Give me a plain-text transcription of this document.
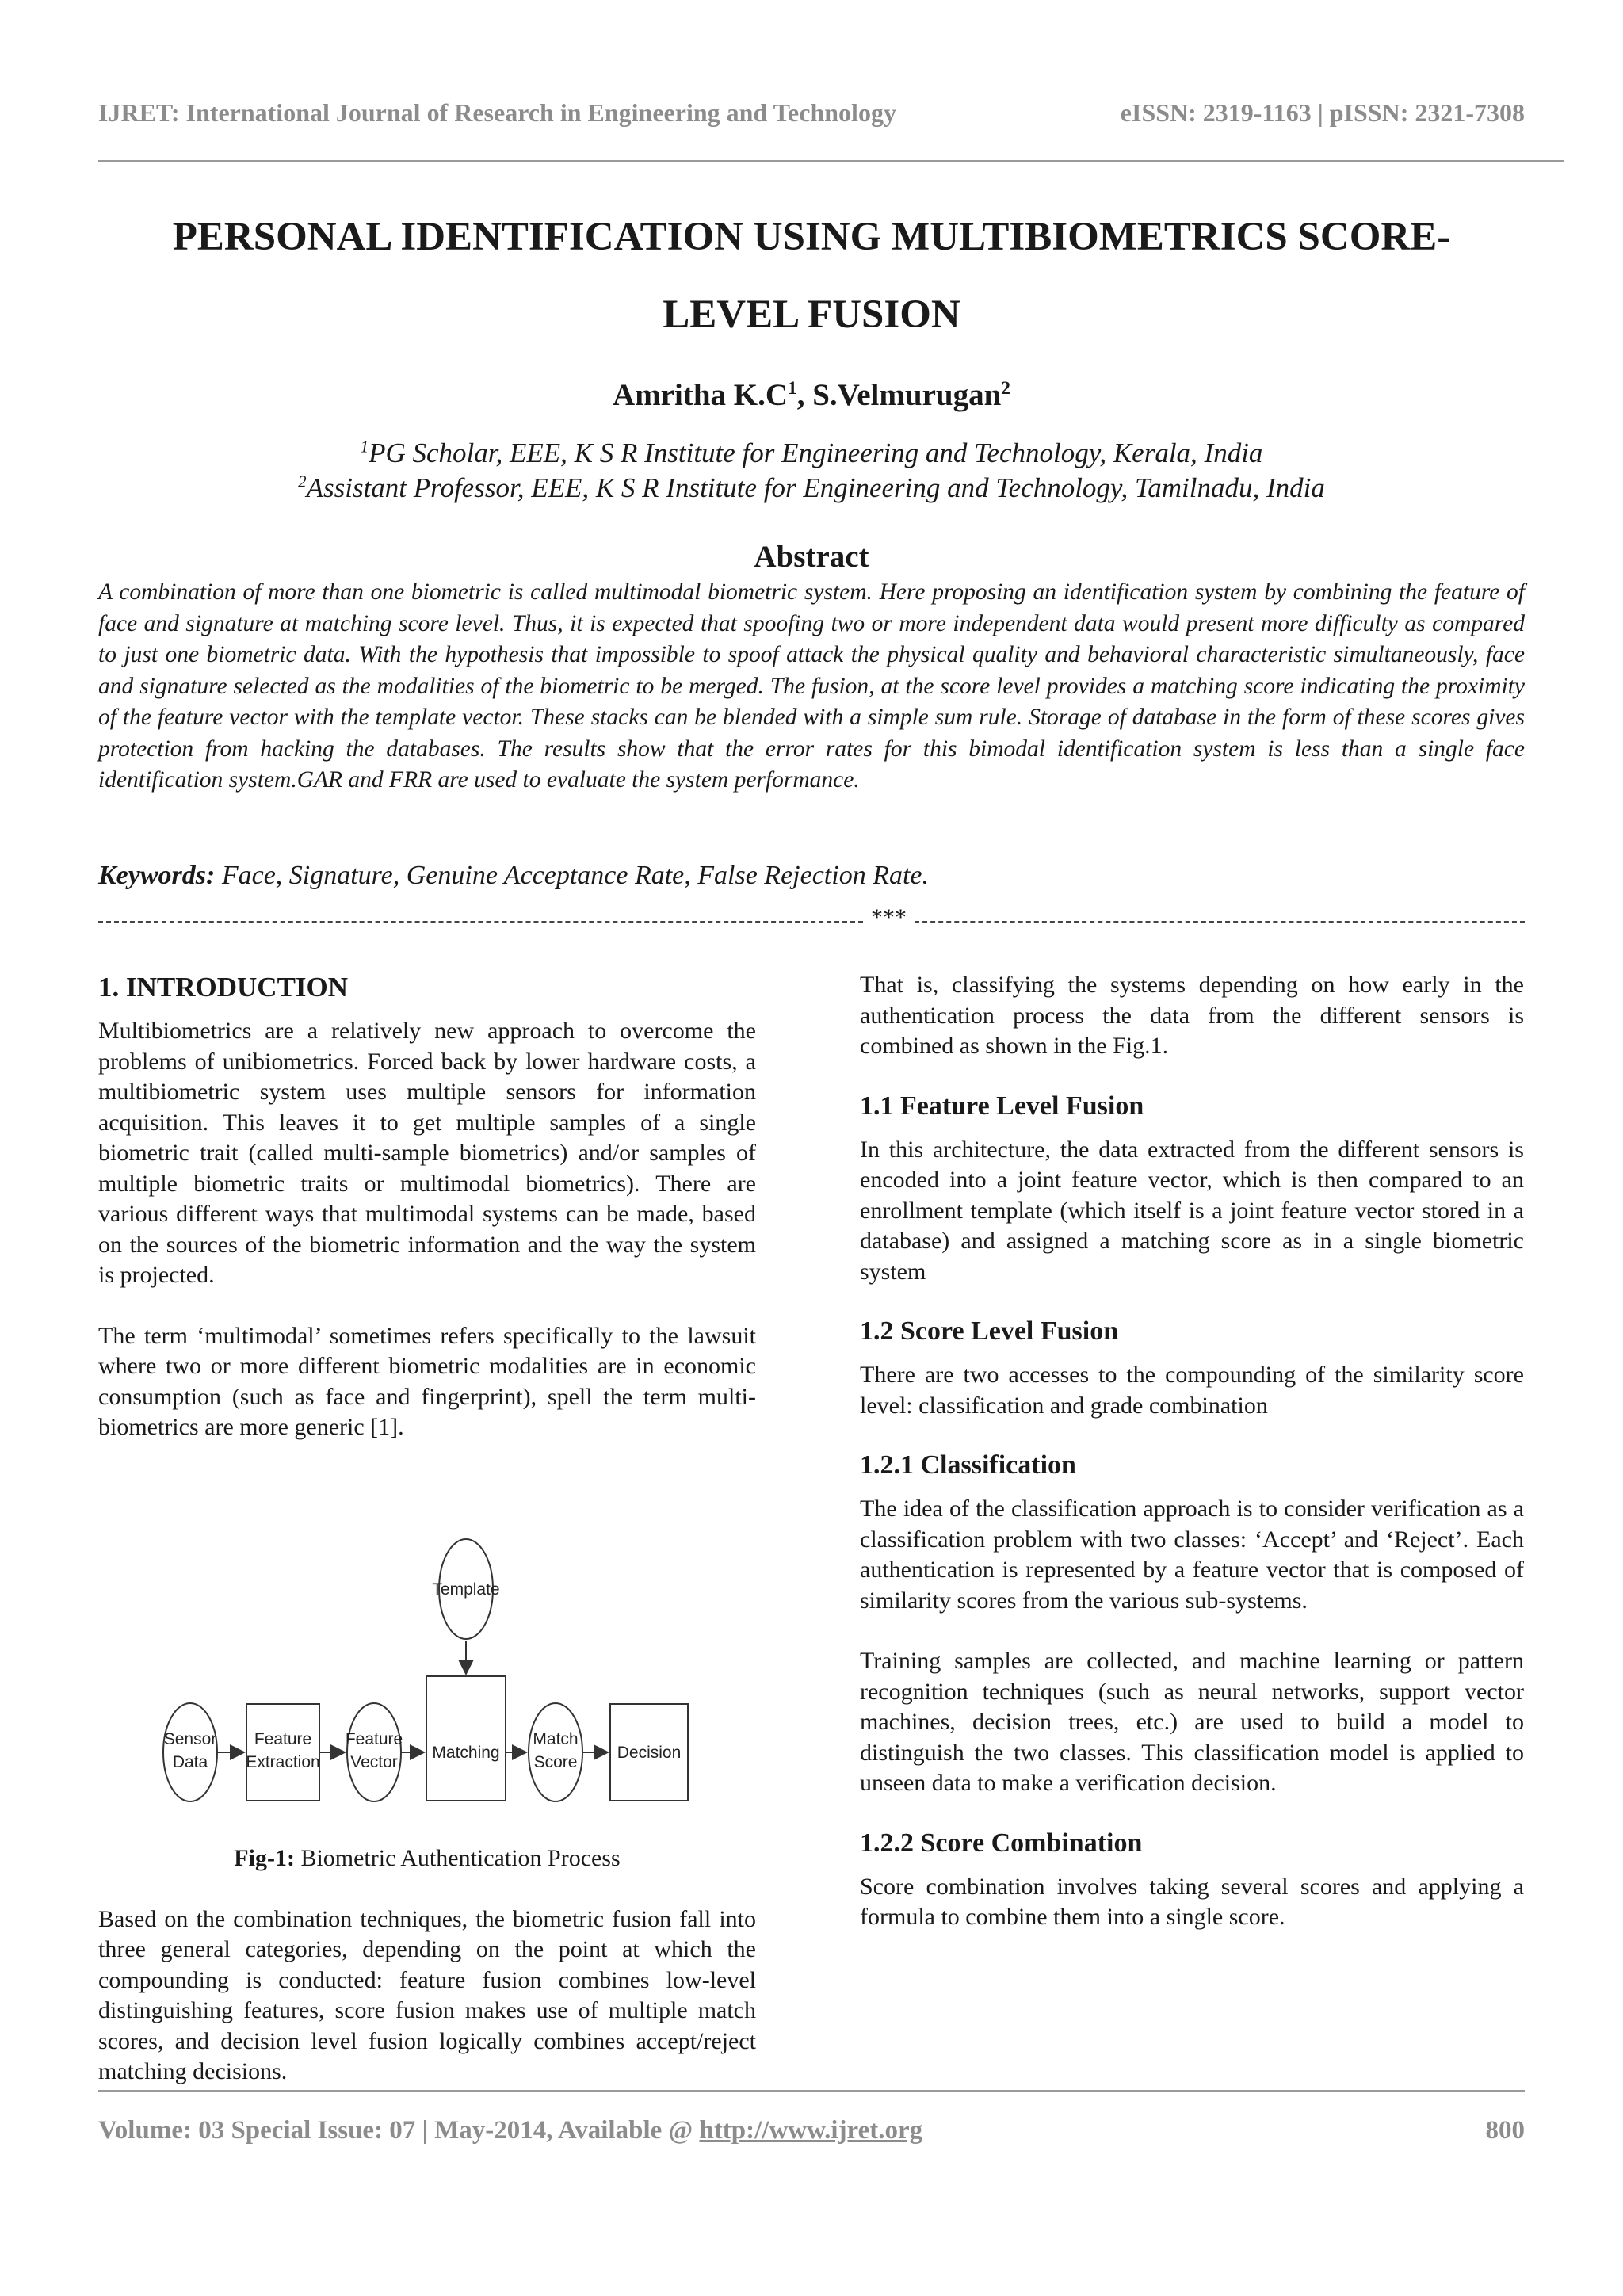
IJRET: International Journal of Research in Engineering and Technology	eISSN: 2319-1163 | pISSN: 2321-7308
PERSONAL IDENTIFICATION USING MULTIBIOMETRICS SCORE-
LEVEL FUSION
Amritha $K.C^1$, S.Velmurugan$^2$
$^1$PG Scholar, EEE, K S R Institute for Engineering and Technology, Kerala, India
$^2$Assistant Professor, EEE, K S R Institute for Engineering and Technology, Tamilnadu, India
Abstract

A combination of more than one biometric is called multimodal biometric system. Here proposing an identification system by combining the feature of face and signature at matching score level. Thus, it is expected that spoofing two or more independent data would present more difficulty as compared to just one biometric data. With the hypothesis that impossible to spoof attack the physical quality and behavioral characteristic simultaneously, face and signature selected as the modalities of the biometric to be merged. The fusion, at the score level provides a matching score indicating the proximity of the feature vector with the template vector. These stacks can be blended with a simple sum rule. Storage of database in the form of these scores gives protection from hacking the databases. The results show that the error rates for this bimodal identification system is less than a single face identification system.GAR and FRR are used to evaluate the system performance.

Keywords: Face, Signature, Genuine Acceptance Rate, False Rejection Rate.
***
1. INTRODUCTION

Multibiometrics are a relatively new approach to overcome the problems of unibiometrics. Forced back by lower hardware costs, a multibiometric system uses multiple sensors for information acquisition. This leaves it to get multiple samples of a single biometric trait (called multi-sample biometrics) and/or samples of multiple biometric traits or multimodal biometrics). There are various different ways that multimodal systems can be made, based on the sources of the biometric information and the way the system is projected.

The term ‘multimodal’ sometimes refers specifically to the lawsuit where two or more different biometric modalities are in economic consumption (such as face and fingerprint), spell the term multi-biometrics are more generic [1].

Template
Sensor
Data
Feature
Extraction
Feature
Vector
Matching
Match
Score
Decision
Fig-1: Biometric Authentication Process

Based on the combination techniques, the biometric fusion fall into three general categories, depending on the point at which the compounding is conducted: feature fusion combines low-level distinguishing features, score fusion makes use of multiple match scores, and decision level fusion logically combines accept/reject matching decisions.

That is, classifying the systems depending on how early in the authentication process the data from the different sensors is combined as shown in the Fig.1.

1.1 Feature Level Fusion

In this architecture, the data extracted from the different sensors is encoded into a joint feature vector, which is then compared to an enrollment template (which itself is a joint feature vector stored in a database) and assigned a matching score as in a single biometric system

1.2 Score Level Fusion

There are two accesses to the compounding of the similarity score level: classification and grade combination

1.2.1 Classification

The idea of the classification approach is to consider verification as a classification problem with two classes: ‘Accept’ and ‘Reject’. Each authentication is represented by a feature vector that is composed of similarity scores from the various sub-systems.

Training samples are collected, and machine learning or pattern recognition techniques (such as neural networks, support vector machines, decision trees, etc.) are used to build a model to distinguish the two classes. This classification model is applied to unseen data to make a verification decision.

1.2.2 Score Combination

Score combination involves taking several scores and applying a formula to combine them into a single score.

Volume: 03 Special Issue: 07 | May-2014, Available @ http://www.ijret.org	800
